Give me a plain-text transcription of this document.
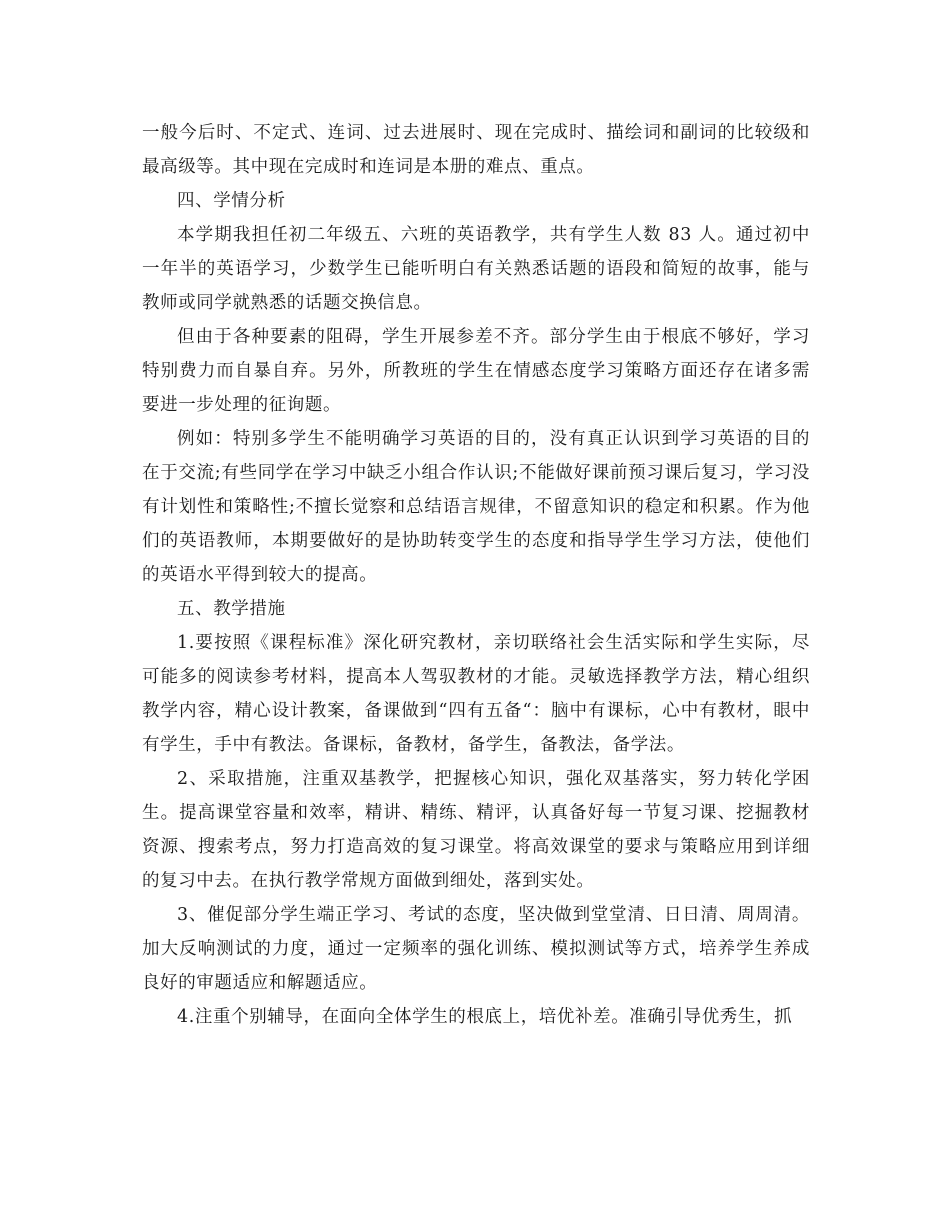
一般今后时、不定式、连词、过去进展时、现在完成时、描绘词和副词的比较级和最高级等。其中现在完成时和连词是本册的难点、重点。

四、学情分析

本学期我担任初二年级五、六班的英语教学，共有学生人数 83 人。通过初中一年半的英语学习，少数学生已能听明白有关熟悉话题的语段和简短的故事，能与教师或同学就熟悉的话题交换信息。

但由于各种要素的阻碍，学生开展参差不齐。部分学生由于根底不够好，学习特别费力而自暴自弃。另外，所教班的学生在情感态度学习策略方面还存在诸多需要进一步处理的征询题。

例如：特别多学生不能明确学习英语的目的，没有真正认识到学习英语的目的在于交流;有些同学在学习中缺乏小组合作认识;不能做好课前预习课后复习，学习没有计划性和策略性;不擅长觉察和总结语言规律，不留意知识的稳定和积累。作为他们的英语教师，本期要做好的是协助转变学生的态度和指导学生学习方法，使他们的英语水平得到较大的提高。

五、教学措施

1.要按照《课程标准》深化研究教材，亲切联络社会生活实际和学生实际，尽可能多的阅读参考材料，提高本人驾驭教材的才能。灵敏选择教学方法，精心组织教学内容，精心设计教案，备课做到“四有五备“：脑中有课标，心中有教材，眼中有学生，手中有教法。备课标，备教材，备学生，备教法，备学法。

2、采取措施，注重双基教学，把握核心知识，强化双基落实，努力转化学困生。提高课堂容量和效率，精讲、精练、精评，认真备好每一节复习课、挖掘教材资源、搜索考点，努力打造高效的复习课堂。将高效课堂的要求与策略应用到详细的复习中去。在执行教学常规方面做到细处，落到实处。

3、催促部分学生端正学习、考试的态度，坚决做到堂堂清、日日清、周周清。加大反响测试的力度，通过一定频率的强化训练、模拟测试等方式，培养学生养成良好的审题适应和解题适应。

4.注重个别辅导，在面向全体学生的根底上，培优补差。准确引导优秀生，抓
